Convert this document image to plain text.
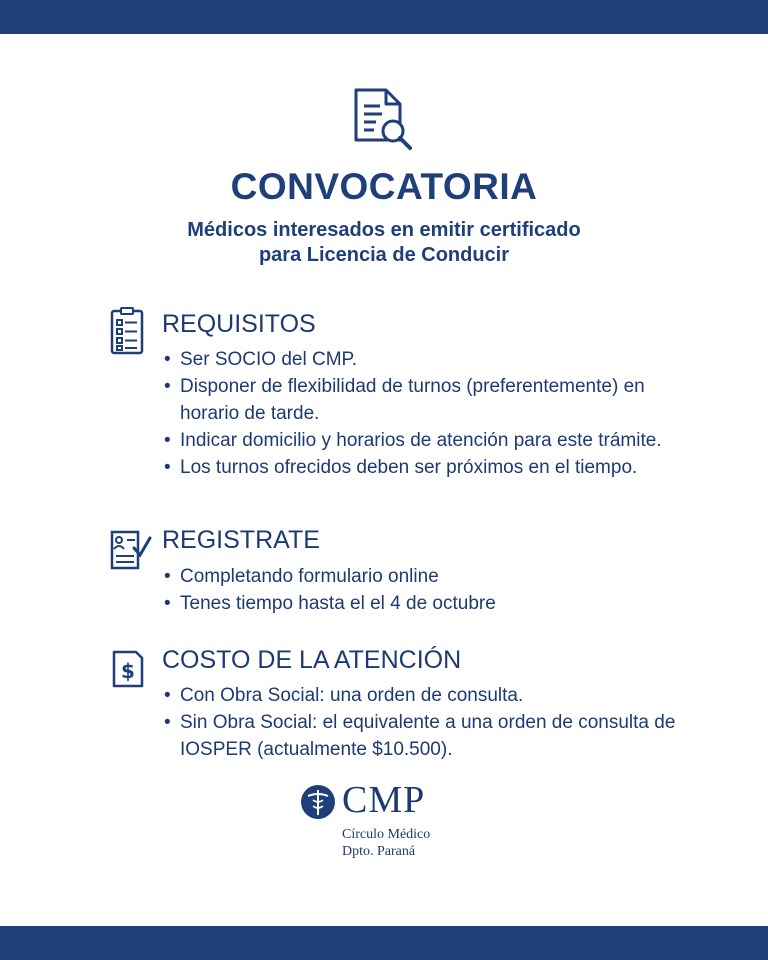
CONVOCATORIA
Médicos interesados en emitir certificado
para Licencia de Conducir
REQUISITOS
• Ser SOCIO del CMP.
• Disponer de flexibilidad de turnos (preferentemente) en horario de tarde.
• Indicar domicilio y horarios de atención para este trámite.
• Los turnos ofrecidos deben ser próximos en el tiempo.
REGISTRATE
• Completando formulario online
• Tenes tiempo hasta el el 4 de octubre
$ COSTO DE LA ATENCIÓN
• Con Obra Social: una orden de consulta.
• Sin Obra Social: el equivalente a una orden de consulta de IOSPER (actualmente $10.500).
CMP
Círculo Médico
Dpto. Paraná
